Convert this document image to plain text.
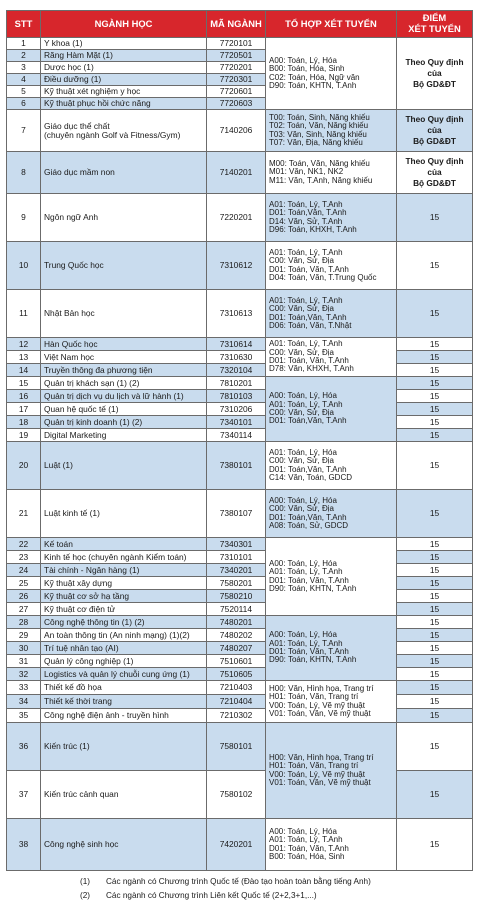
STT	NGÀNH HỌC	MÃ NGÀNH	TỔ HỢP XÉT TUYỂN	ĐIỂM
XÉT TUYỂN
1	Y khoa (1)	7720101	A00: Toán, Lý, Hóa
B00: Toán, Hóa, Sinh
C02: Toán, Hóa, Ngữ văn
D90: Toán, KHTN, T.Anh	Theo Quy định
của
Bộ GD&ĐT
2	Răng Hàm Mặt (1)	7720501		
3	Dược học (1)	7720201		
4	Điều dưỡng (1)	7720301		
5	Kỹ thuật xét nghiệm y học	7720601		
6	Kỹ thuật phục hồi chức năng	7720603		
7	Giáo dục thể chất
(chuyên ngành Golf và Fitness/Gym)	7140206	T00: Toán, Sinh, Năng khiếu
T02: Toán, Văn, Năng khiếu
T03: Văn, Sinh, Năng khiếu
T07: Văn, Địa, Năng khiếu	Theo Quy định
của
Bộ GD&ĐT
8	Giáo dục mầm non	7140201	M00: Toán, Văn, Năng khiếu
M01: Văn, NK1, NK2
M11: Văn, T.Anh, Năng khiếu	Theo Quy định
của
Bộ GD&ĐT
9	Ngôn ngữ Anh	7220201	A01: Toán, Lý, T.Anh
D01: Toán,Văn, T.Anh
D14: Văn, Sử, T.Anh
D96: Toán, KHXH, T.Anh	15
10	Trung Quốc học	7310612	A01: Toán, Lý, T.Anh
C00: Văn, Sử, Địa
D01: Toán, Văn, T.Anh
D04: Toán, Văn, T.Trung Quốc	15
11	Nhật Bản học	7310613	A01: Toán, Lý, T.Anh
C00: Văn, Sử, Địa
D01: Toán,Văn, T.Anh
D06: Toán, Văn, T.Nhật	15
12	Hàn Quốc học	7310614	A01: Toán, Lý, T.Anh
C00: Văn, Sử, Địa
D01: Toán, Văn, T.Anh
D78: Văn, KHXH, T.Anh	15
13	Việt Nam học	7310630		15
14	Truyền thông đa phương tiện	7320104		15
15	Quản trị khách sạn (1) (2)	7810201	A00: Toán, Lý, Hóa
A01: Toán, Lý, T.Anh
C00: Văn, Sử, Địa
D01: Toán,Văn, T.Anh	15
16	Quản trị dịch vụ du lịch và lữ hành (1)	7810103		15
17	Quan hệ quốc tế (1)	7310206		15
18	Quản trị kinh doanh (1) (2)	7340101		15
19	Digital Marketing	7340114		15
20	Luật (1)	7380101	A01: Toán, Lý, Hóa
C00: Văn, Sử, Địa
D01: Toán,Văn, T.Anh
C14: Văn, Toán, GDCD	15
21	Luật kinh tế (1)	7380107	A00: Toán, Lý, Hóa
C00: Văn, Sử, Địa
D01: Toán,Văn, T.Anh
A08: Toán, Sử, GDCD	15
22	Kế toán	7340301	A00: Toán, Lý, Hóa
A01: Toán, Lý, T.Anh
D01: Toán, Văn, T.Anh
D90: Toán, KHTN, T.Anh	15
23	Kinh tế học (chuyên ngành Kiểm toán)	7310101		15
24	Tài chính - Ngân hàng (1)	7340201		15
25	Kỹ thuật xây dựng	7580201		15
26	Kỹ thuật cơ sở hạ tầng	7580210		15
27	Kỹ thuật cơ điện tử	7520114		15
28	Công nghệ thông tin (1) (2)	7480201	A00: Toán, Lý, Hóa
A01: Toán, Lý, T.Anh
D01: Toán, Văn, T.Anh
D90: Toán, KHTN, T.Anh	15
29	An toàn thông tin (An ninh mạng) (1)(2)	7480202		15
30	Trí tuệ nhân tạo (AI)	7480207		15
31	Quản lý công nghiệp (1)	7510601		15
32	Logistics và quản lý chuỗi cung ứng (1)	7510605		15
33	Thiết kế đồ họa	7210403	H00: Văn, Hình họa, Trang trí
H01: Toán, Văn, Trang trí
V00: Toán, Lý, Vẽ mỹ thuật
V01: Toán, Văn, Vẽ mỹ thuật	15
34	Thiết kế thời trang	7210404		15
35	Công nghệ điện ảnh - truyền hình	7210302		15
36	Kiến trúc (1)	7580101	H00: Văn, Hình họa, Trang trí
H01: Toán, Văn, Trang trí
V00: Toán, Lý, Vẽ mỹ thuật
V01: Toán, Văn, Vẽ mỹ thuật	15
37	Kiến trúc cảnh quan	7580102		15
38	Công nghệ sinh học	7420201	A00: Toán, Lý, Hóa
A01: Toán, Lý, T.Anh
D01: Toán, Văn, T.Anh
B00: Toán, Hóa, Sinh	15
(1) Các ngành có Chương trình Quốc tế (Đào tạo hoàn toàn bằng tiếng Anh)
(2) Các ngành có Chương trình Liên kết Quốc tế (2+2,3+1,...)
